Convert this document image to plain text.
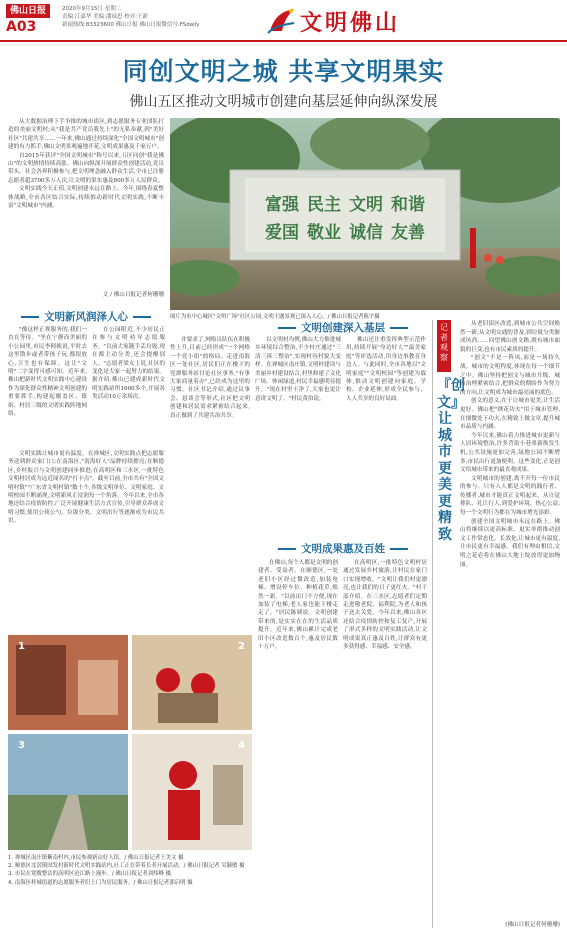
佛山日报
A03
2020年9月15日 星期二
责编:江嘉华 美编:潘禄思 校对:王新
新闻热线:83323600 佛山日报 佛山日报微信号:FSdaily	文明佛山
同创文明之城 共享文明果实
佛山五区推动文明城市创建向基层延伸向纵深发展

从大数据治理下手争推的城市街区,到志愿服务专业团队打造的美丽文明村;从"我是共产党员我先上"的无私奉献,到"美好社区"共建共享……一年来,佛山通过持续深化"全国文明城市"创建的有力抓手,佛山文明景观遍地开花,文明成果惠及千家万户。

自2015年获评"全国文明城市"称号以来,五区同创"我是佛山"的文明热情持续高涨。佛山向纵深开展群众性创建活动,党员带头、社会各界积极参与,把文明理念融入群众生活,全市已注册志愿者超3700多万人次,让文明的果实惠及800多万人民群众。

文明实践今天正值,文明创建永远在路上。今年,围绕春夏整体战略,全市各区结合实际,持续推动新时代文明实践,不断丰富"文明城市"内涵。

文 / 佛山日报记者何珊珊
富强 民主 文明 和谐
爱国 敬业 诚信 友善
图片为市中心城区"文明广场"社区公园,文明主题景观已深入人心。/ 佛山日报记者陈宇摄
文明新风润泽人心
"像这样正规服务的,我们一直在等待。"坐在宁静而美丽的小公园里,市民李阿姨说,平时去这里散步或者带孩子玩,都很放心,卫生也有保障。这让"文明"二字变得可感可知。近年来,佛山把新时代文明实践中心建设作为深化群众性精神文明创建的重要抓手,构建起覆盖区、镇街、村居三级的文明实践阵地网络。
在公园附近,不少居民正在参与文明劝导志愿服务。"以前大家随手丢垃圾,现在都主动分类,还会提醒别人。"志愿者梁女士说,社区的变化是大家一起努力的结果。据介绍,佛山已建成新时代文明实践站所1600多个,开展各类活动10万余场次。
文明实践让城市更有温度。在禅城区,文明实践点把志愿服务送到群众家门口;在南海区,"南海好人"品牌持续擦亮;在顺德区,乡村振兴与文明创建同步推进;在高明区和三水区,一批特色文明村居成为远近闻名的"打卡点"。截至目前,全市共有"全国文明村镇""广东省文明村镇"数十个,各级文明单位、文明家庭、文明校园不断涌现,文明新风正浸润每一个角落。今年以来,全市各地还结合疫情防控,广泛开展健康生活方式宣传,引导群众养成文明习惯,使用公筷公勺、垃圾分类、文明出行等逐渐成为市民共识。
文明创建深入基层
并要求了,网格员队伍在积极性上升,目前已经形成"一个网格一个党小组"的格局。走进南海区一处社区,居民们正在楼下的党群服务站讨论社区事务,"有事大家商量着办",已经成为这里的习惯。社区书记介绍,通过议事会、恳谈会等形式,社区把文明创建和居民需求紧密结合起来,真正做到了共建共治共享。
以文明村为例,佛山大力推进城乡环境综合整治,不少村庄通过"三清三拆三整治",实现村容村貌大变样。在禅城区南庄镇,文明村建设与美丽乡村建设结合,村里修建了文化广场、休闲绿道,村民幸福感明显提升。"现在村里干净了,大家也更注意讲文明了。"村民黄伯说。
佛山还注重发挥典型示范作用,持续开展"身边好人""最美家庭"等评选活动,用身边事教育身边人。与此同时,全市各地以"文明家庭""文明校园"等创建为载体,推动文明创建向家庭、学校、企业延伸,形成全民参与、人人共享的良好局面。
文明成果惠及百姓
在佛山,每个人都是文明的创建者、受益者。在顺德区,一处老旧小区经过微改造,加装电梯、增设停车位、种植花草,焕然一新。"以前出门不方便,现在加装了电梯,老人家也能下楼走走了。"居民陈姨说。文明创建带来的,是实实在在的生活品质提升。近年来,佛山累计完成老旧小区改造数百个,惠及居民数十万户。
在高明区,一批特色文明村居通过发展乡村旅游,让村民在家门口实现增收。"文明让我们村更漂亮,也让我们的日子更红火。"村干部介绍。在三水区,志愿者们定期走进敬老院、福利院,为老人和孩子送去关爱。今年以来,佛山各区还结合疫情防控和复工复产,开展了形式多样的文明实践活动,让文明成果真正惠及百姓,让群众有更多获得感、幸福感、安全感。
1	2
3	4
1. 禅城区南庄镇紫南村内,市民参观新山好人馆。/ 佛山日报记者王美文 摄
2. 顺德区北滘镇国发村新时代文明实践站内,社工正在带着长者开展活动。/ 佛山日报记者 吴颖敏 摄
3. 市民在宽敞整洁的高明区沧江路上漫步。/ 佛山日报记者刘炜峰 摄
4. 南海区桂城街道的志愿服务者们上门为居民服务。/ 佛山日报记者郭启明 摄
记者观察
『创文』让城市更美更精致

从老旧街区改造,到城市公共空间焕然一新;从文明交通的普及,到垃圾分类渐成风尚……回望佛山创文路,既有城市面貌的巨变,也有市民素质的提升。

"创文"不是一阵风,而是一场持久战。城市的文明程度,体现在每一个细节之中。佛山坚持把创文与城市升级、城市治理紧密结合,把群众的期盼作为努力的方向,让文明成为城市最亮丽的底色。

创文的意义,在于让城市更美,让生活更好。佛山把"绣花功夫"用于城市管理,在细微处下功夫,在精致上做文章,提升城市品质与内涵。

今年以来,佛山着力推进城市更新与人居环境整治,许多背街小巷重新焕发生机,公共设施更加完善,绿地公园不断增多,市民出行更加便利。这些变化,正是创文给城市带来的最直观成果。

文明城市的创建,离不开每一位市民的参与。只有人人都是文明的践行者、传播者,城市才能真正文明起来。从自觉排队、礼让行人,到爱护环境、热心公益,每一个文明行为都在为城市增光添彩。

创建全国文明城市永远在路上。佛山将继续以更高标准、更实举措推动创文工作常态化、长效化,让城市更有温度,让市民更有幸福感。我们有理由相信,文明之花必将在佛山大地上绽放得更加绚丽。

(佛山日报记者何珊珊)
